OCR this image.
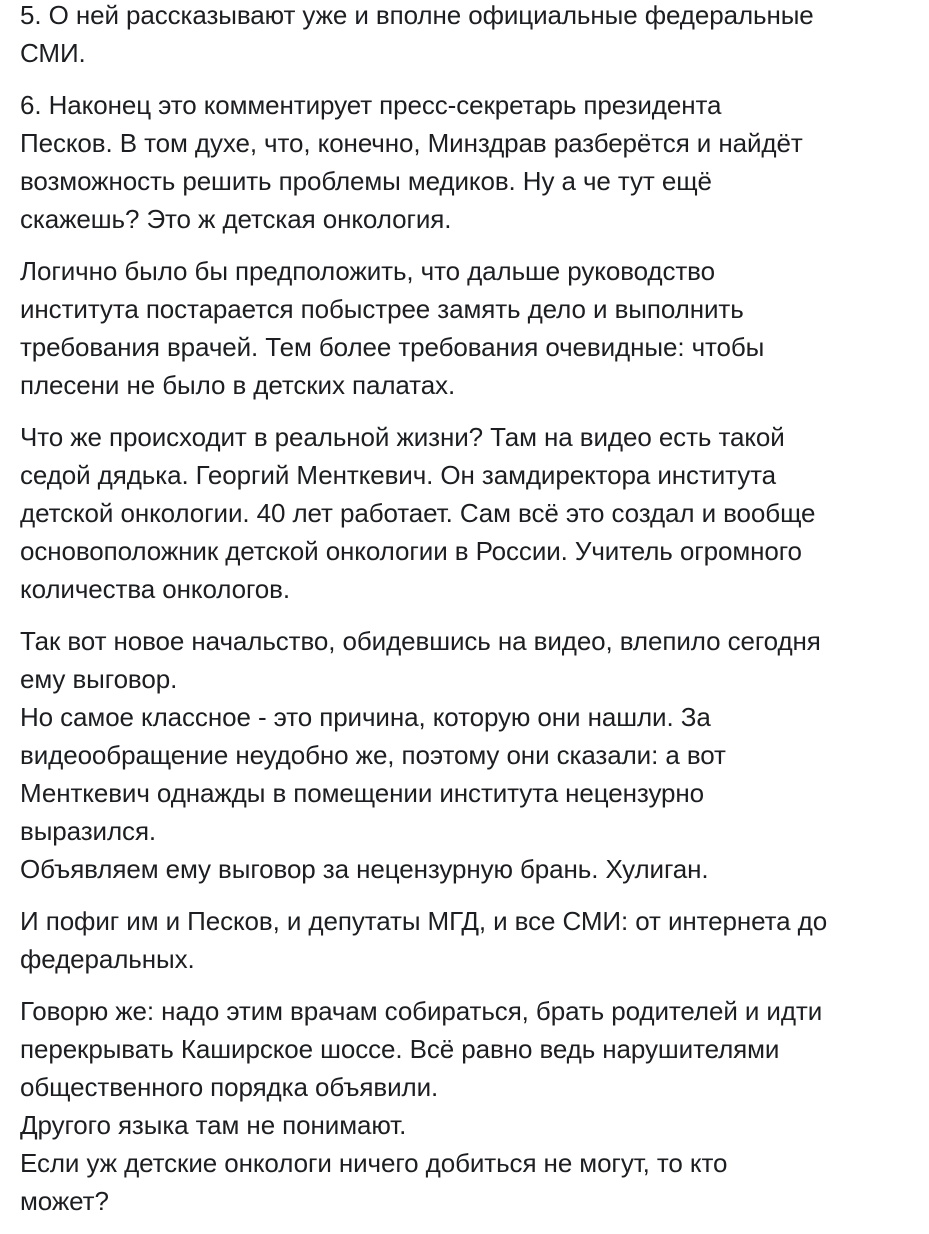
5. О ней рассказывают уже и вполне официальные федеральные
СМИ.
6. Наконец это комментирует пресс-секретарь президента
Песков. В том духе, что, конечно, Минздрав разберётся и найдёт
возможность решить проблемы медиков. Ну а че тут ещё
скажешь? Это ж детская онкология.
Логично было бы предположить, что дальше руководство
института постарается побыстрее замять дело и выполнить
требования врачей. Тем более требования очевидные: чтобы
плесени не было в детских палатах.
Что же происходит в реальной жизни? Там на видео есть такой
седой дядька. Георгий Менткевич. Он замдиректора института
детской онкологии. 40 лет работает. Сам всё это создал и вообще
основоположник детской онкологии в России. Учитель огромного
количества онкологов.
Так вот новое начальство, обидевшись на видео, влепило сегодня
ему выговор.
Но самое классное - это причина, которую они нашли. За
видеообращение неудобно же, поэтому они сказали: а вот
Менткевич однажды в помещении института нецензурно
выразился.
Объявляем ему выговор за нецензурную брань. Хулиган.
И пофиг им и Песков, и депутаты МГД, и все СМИ: от интернета до
федеральных.
Говорю же: надо этим врачам собираться, брать родителей и идти
перекрывать Каширское шоссе. Всё равно ведь нарушителями
общественного порядка объявили.
Другого языка там не понимают.
Если уж детские онкологи ничего добиться не могут, то кто
может?
